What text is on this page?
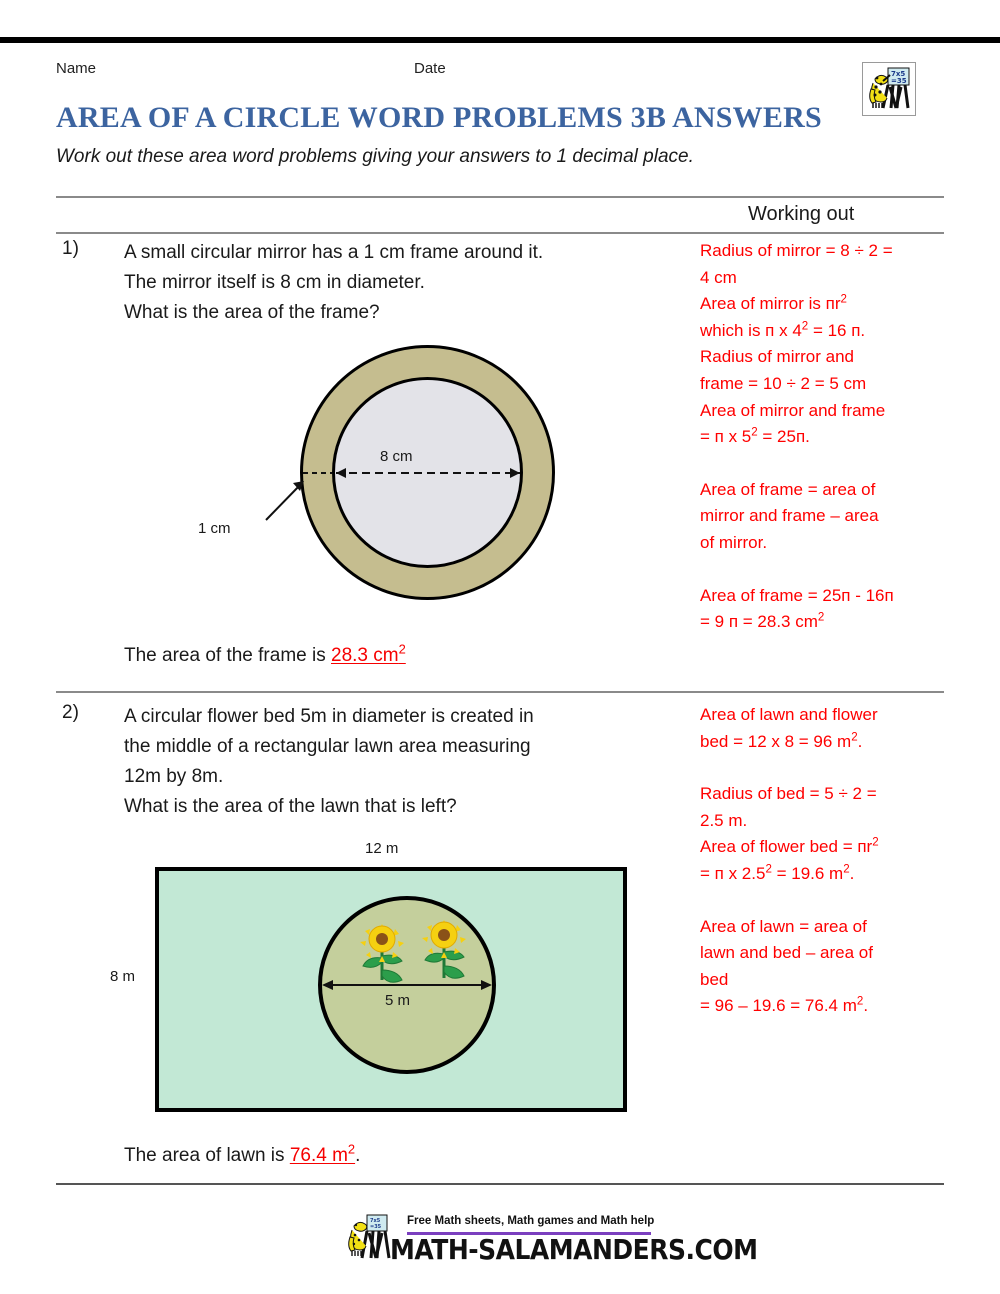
Name	Date
AREA OF A CIRCLE WORD PROBLEMS 3B ANSWERS
Work out these area word problems giving your answers to 1 decimal place.
7x5
=35
Working out
1) A small circular mirror has a 1 cm frame around it.
The mirror itself is 8 cm in diameter.
What is the area of the frame?
8 cm
1 cm
The area of the frame is 28.3 $cm^2$

Radius of mirror = 8 ÷ 2 =

4 cm

Area of mirror is $пr^2$

which is п x $4^2 = 16$ п.

Radius of mirror and

frame = 10 ÷ 2 = 5 cm

Area of mirror and frame

= п x $5^2 = 25п$.

Area of frame = area of

mirror and frame – area

of mirror.

Area of frame = 25п - 16п

= 9 п = 28.3 $cm^2$

2) A circular flower bed 5m in diameter is created in
the middle of a rectangular lawn area measuring
12m by 8m.
What is the area of the lawn that is left?
12 m
8 m
5 m
The area of lawn is 76.4 $m^2$.

Area of lawn and flower

bed = 12 x 8 = 96 $m^2$.

Radius of bed = 5 ÷ 2 =

2.5 m.

Area of flower bed = $пr^2$

= п x $2.5^2 = 19.6$ $m^2$.

Area of lawn = area of

lawn and bed – area of

bed

= 96 – 19.6 = 76.4 $m^2$.

7x5
=35 Free Math sheets, Math games and Math help
MATH-SALAMANDERS.COM
